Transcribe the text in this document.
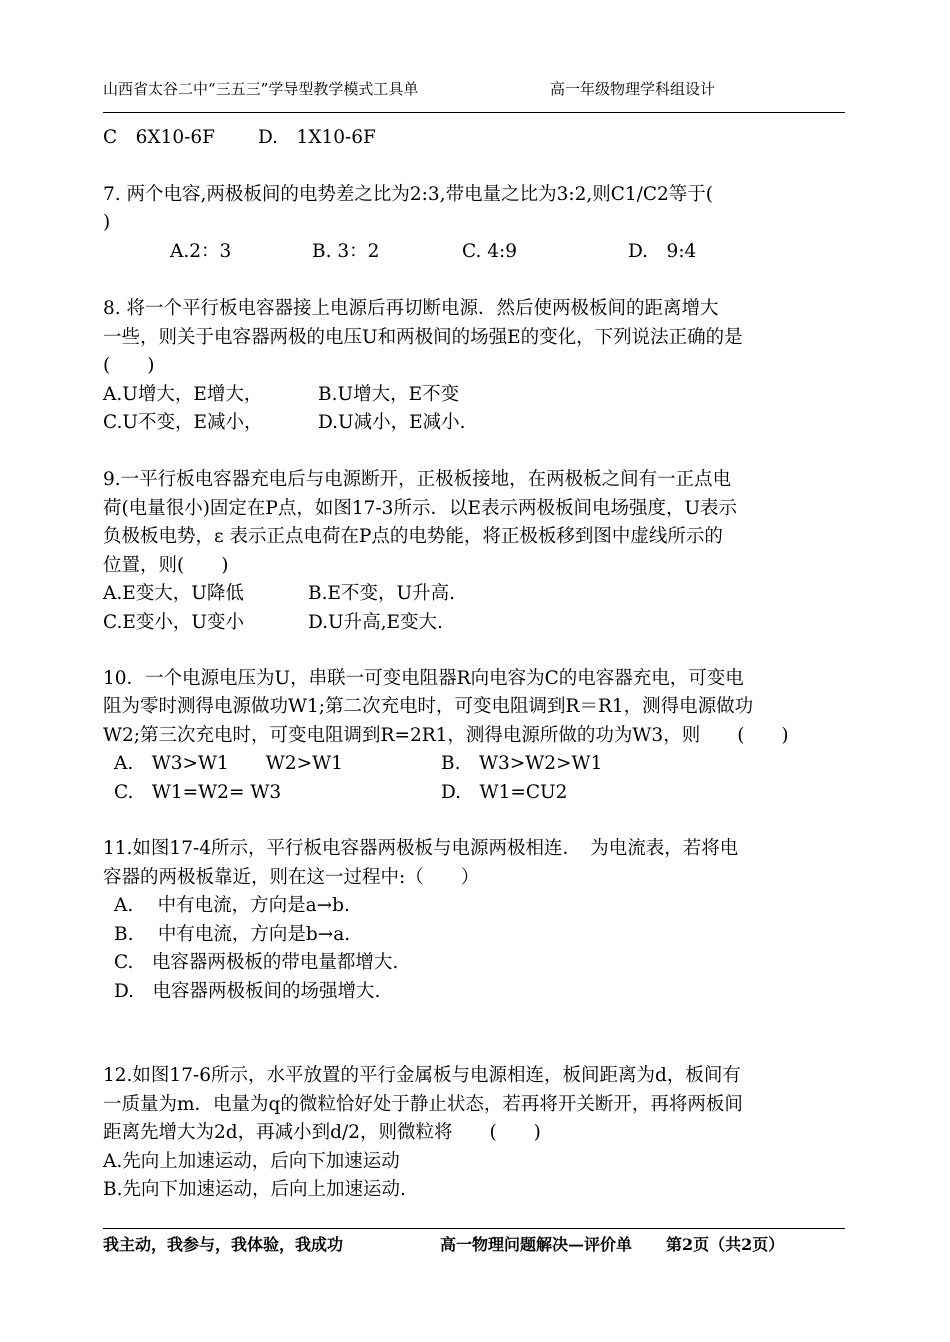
山西省太谷二中“三五三”学导型教学模式工具单	高一年级物理学科组设计
C　6X10-6F D.　1X10-6F
7. 两个电容,两极板间的电势差之比为2:3,带电量之比为3:2,则C1/C2等于(
)
A.2：3	B. 3：2	C. 4:9	D.　9:4
8. 将一个平行板电容器接上电源后再切断电源．然后使两极板间的距离增大
一些，则关于电容器两极的电压U和两极间的场强E的变化，下列说法正确的是
(　　)
A.U增大，E增大，	B.U增大，E不变
C.U不变，E减小，	D.U减小，E减小.
9.一平行板电容器充电后与电源断开，正极板接地，在两极板之间有一正点电
荷(电量很小)固定在P点，如图17-3所示．以E表示两极板间电场强度，U表示
负极板电势，ε 表示正点电荷在P点的电势能，将正极板移到图中虚线所示的
位置，则(　　)
A.E变大，U降低	B.E不变，U升高.
C.E变小，U变小	D.U升高,E变大.
10．一个电源电压为U，串联一可变电阻器R向电容为C的电容器充电，可变电
阻为零时测得电源做功W1;第二次充电时，可变电阻调到R＝R1，测得电源做功
W2;第三次充电时，可变电阻调到R=2R1，测得电源所做的功为W3，则　　(　　)
A.　W3>W1　　W2>W1	B.　W3>W2>W1
C.　W1=W2= W3	D.　W1=CU2
11.如图17-4所示，平行板电容器两极板与电源两极相连．　为电流表，若将电
容器的两极板靠近，则在这一过程中:（　　）
A.　 中有电流，方向是a→b.
B.　 中有电流，方向是b→a.
C.　电容器两极板的带电量都增大.
D.　电容器两极板间的场强增大.
12.如图17-6所示，水平放置的平行金属板与电源相连，板间距离为d，板间有
一质量为m．电量为q的微粒恰好处于静止状态，若再将开关断开，再将两板间
距离先增大为2d，再减小到d/2，则微粒将　　(　　)
A.先向上加速运动，后向下加速运动
B.先向下加速运动，后向上加速运动.
我主动，我参与，我体验，我成功	高一物理问题解决—评价单 第2页（共2页）
